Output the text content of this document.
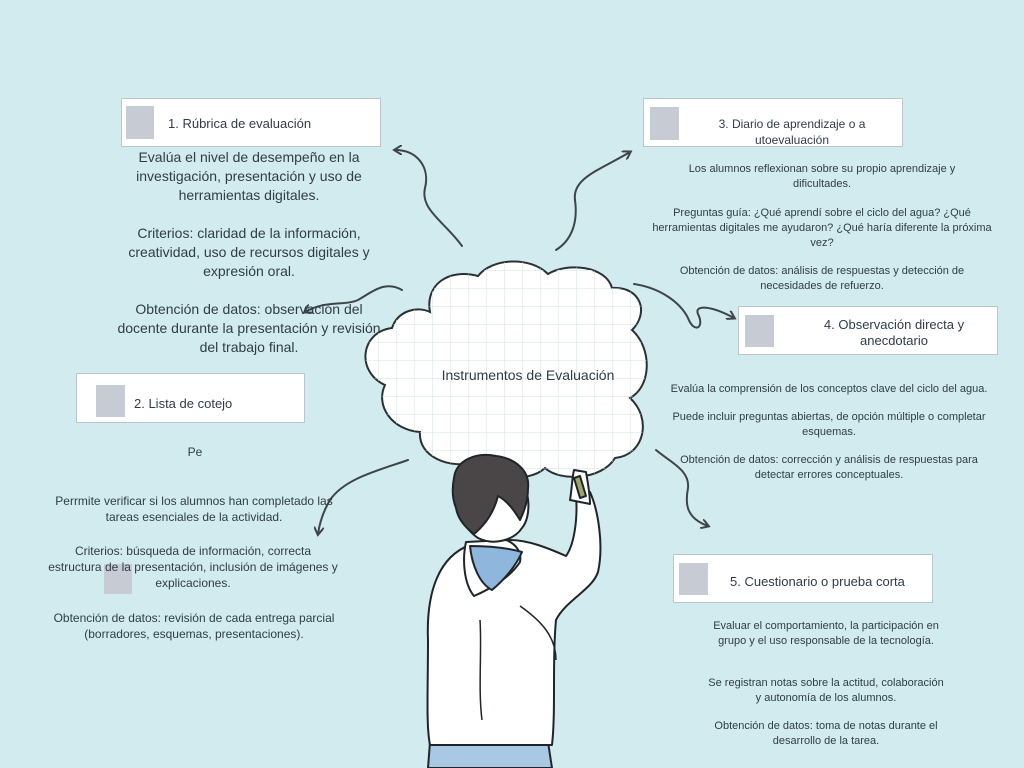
Instrumentos de Evaluación
1. Rúbrica de evaluación
Evalúa el nivel de desempeño en la investigación, presentación y uso de herramientas digitales.
Criterios: claridad de la información, creatividad, uso de recursos digitales y expresión oral.
Obtención de datos: observación del docente durante la presentación y revisión del trabajo final.
2. Lista de cotejo
Pe
Perrmite verificar si los alumnos han completado las tareas esenciales de la actividad.
Criterios: búsqueda de información, correcta estructura de la presentación, inclusión de imágenes y explicaciones.
Obtención de datos: revisión de cada entrega parcial (borradores, esquemas, presentaciones).
3. Diario de aprendizaje o a utoevaluación
Los alumnos reflexionan sobre su propio aprendizaje y dificultades.
Preguntas guía: ¿Qué aprendí sobre el ciclo del agua? ¿Qué herramientas digitales me ayudaron? ¿Qué haría diferente la próxima vez?
Obtención de datos: análisis de respuestas y detección de necesidades de refuerzo.
4. Observación directa y anecdotario
Evalúa la comprensión de los conceptos clave del ciclo del agua.
Puede incluir preguntas abiertas, de opción múltiple o completar esquemas.
Obtención de datos: corrección y análisis de respuestas para detectar errores conceptuales.
5. Cuestionario o prueba corta
Evaluar el comportamiento, la participación en grupo y el uso responsable de la tecnología.
Se registran notas sobre la actitud, colaboración y autonomía de los alumnos.
Obtención de datos: toma de notas durante el desarrollo de la tarea.
